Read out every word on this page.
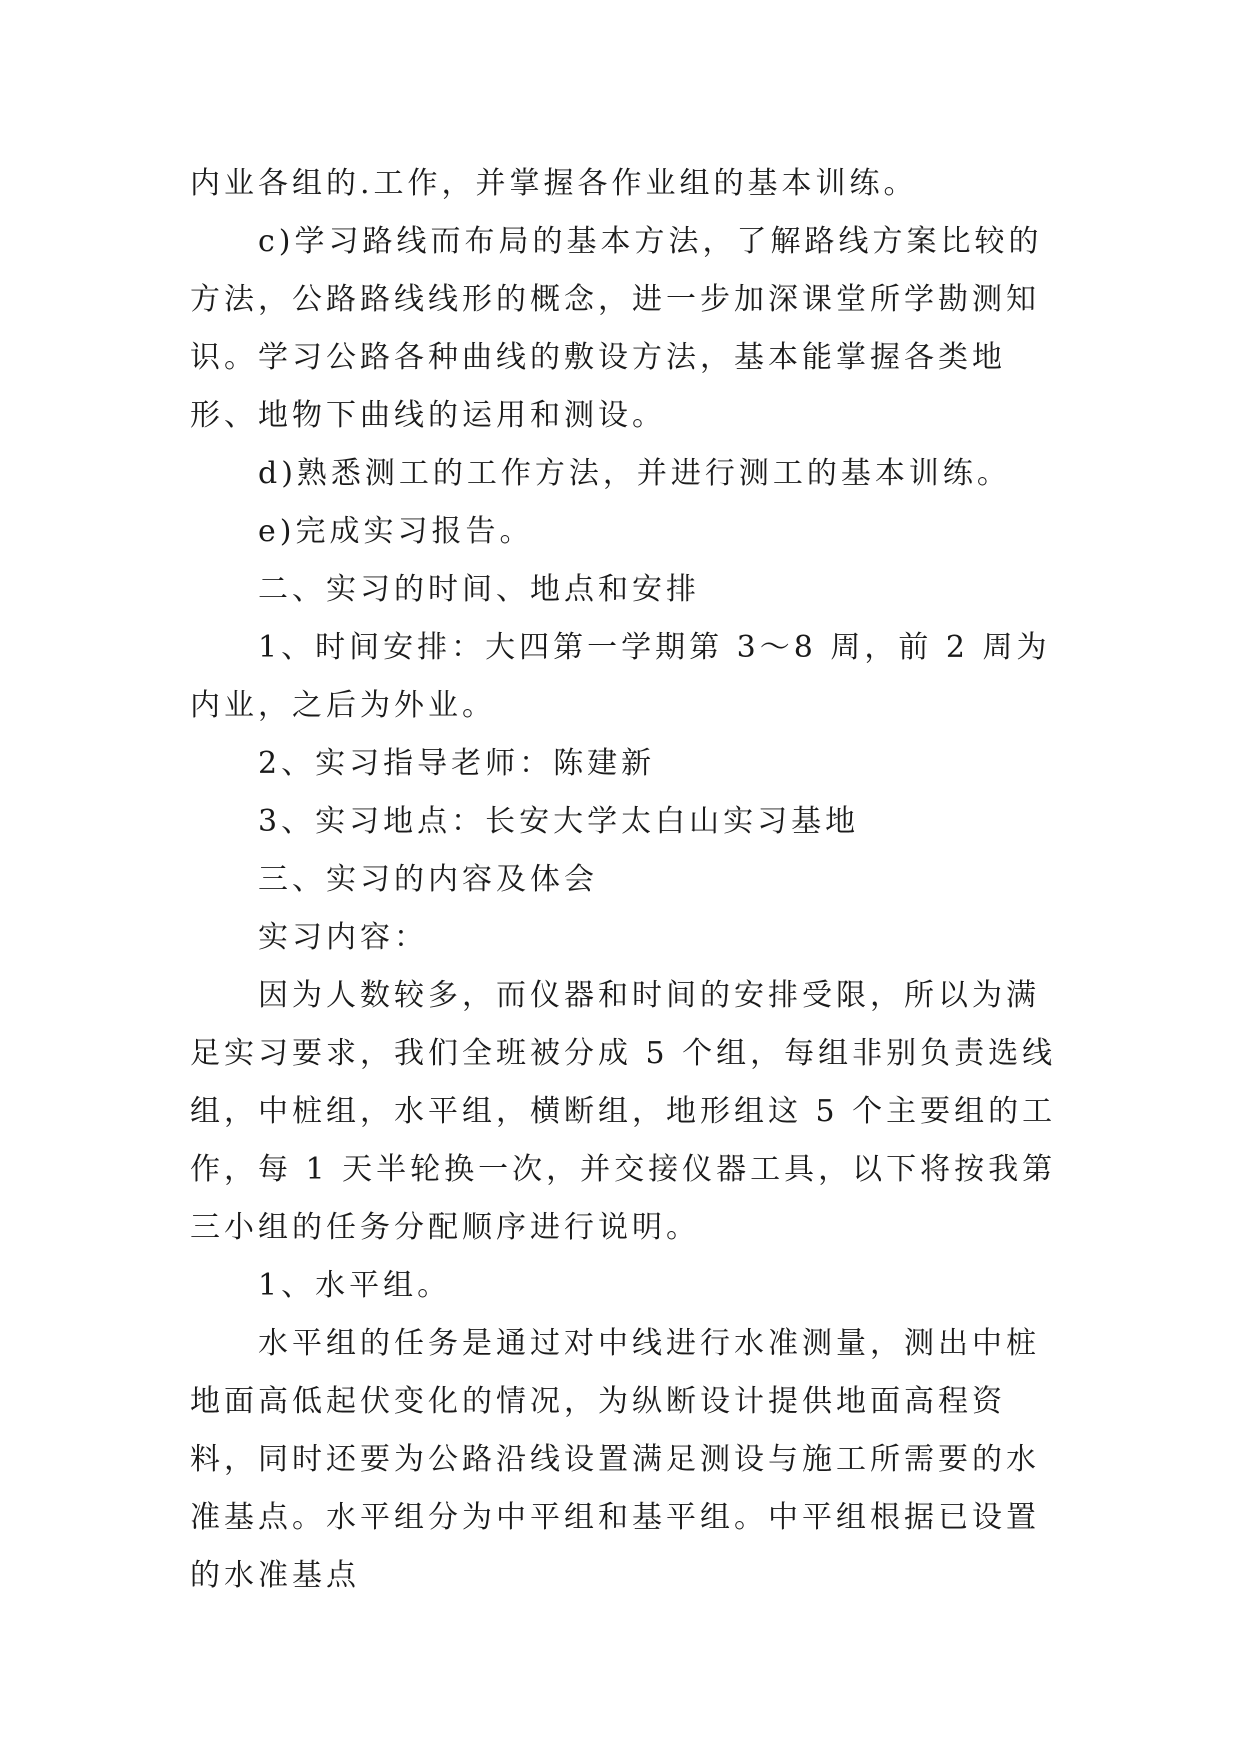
内业各组的.工作，并掌握各作业组的基本训练。

c)学习路线而布局的基本方法，了解路线方案比较的方法，公路路线线形的概念，进一步加深课堂所学勘测知识。学习公路各种曲线的敷设方法，基本能掌握各类地形、地物下曲线的运用和测设。

d)熟悉测工的工作方法，并进行测工的基本训练。

e)完成实习报告。

二、实习的时间、地点和安排

1、时间安排：大四第一学期第 3～8 周，前 2 周为内业，之后为外业。

2、实习指导老师：陈建新

3、实习地点：长安大学太白山实习基地

三、实习的内容及体会

实习内容：

因为人数较多，而仪器和时间的安排受限，所以为满足实习要求，我们全班被分成 5 个组，每组非别负责选线组，中桩组，水平组，横断组，地形组这 5 个主要组的工作，每 1 天半轮换一次，并交接仪器工具，以下将按我第三小组的任务分配顺序进行说明。

1、水平组。

水平组的任务是通过对中线进行水准测量，测出中桩地面高低起伏变化的情况，为纵断设计提供地面高程资料，同时还要为公路沿线设置满足测设与施工所需要的水准基点。水平组分为中平组和基平组。中平组根据已设置的水准基点
